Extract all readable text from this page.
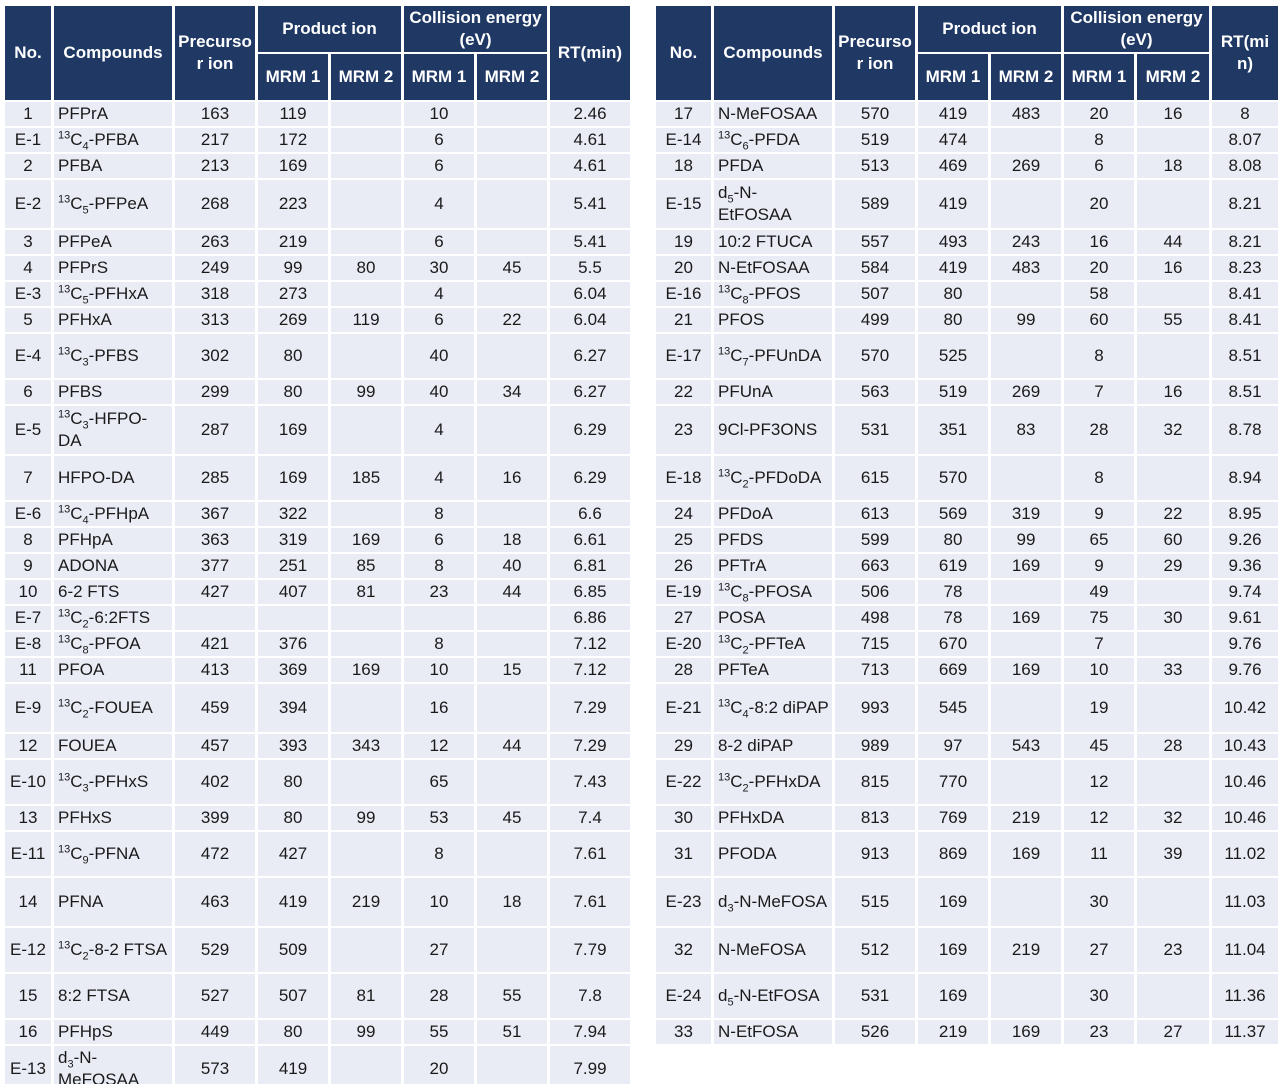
No.	Compounds	Precursor ion	Product ion		Collision energy(eV)		RT(min)
			MRM 1	MRM 2	MRM 1	MRM 2	
1	PFPrA	163	119		10		2.46
E-1	$^{13}C_4$-PFBA	217	172		6		4.61
2	PFBA	213	169		6		4.61
E-2	$^{13}C_5$-PFPeA	268	223		4		5.41
3	PFPeA	263	219		6		5.41
4	PFPrS	249	99	80	30	45	5.5
E-3	$^{13}C_5$-PFHxA	318	273		4		6.04
5	PFHxA	313	269	119	6	22	6.04
E-4	$^{13}C_3$-PFBS	302	80		40		6.27
6	PFBS	299	80	99	40	34	6.27
E-5	$^{13}C_3-HFPO-DA$	287	169		4		6.29
7	HFPO-DA	285	169	185	4	16	6.29
E-6	$^{13}C_4$-PFHpA	367	322		8		6.6
8	PFHpA	363	319	169	6	18	6.61
9	ADONA	377	251	85	8	40	6.81
10	6-2 FTS	427	407	81	23	44	6.85
E-7	$^{13}C_2-6:2FTS$						6.86
E-8	$^{13}C_8$-PFOA	421	376		8		7.12
11	PFOA	413	369	169	10	15	7.12
E-9	$^{13}C_2$-FOUEA	459	394		16		7.29
12	FOUEA	457	393	343	12	44	7.29
E-10	$^{13}C_3$-PFHxS	402	80		65		7.43
13	PFHxS	399	80	99	53	45	7.4
E-11	$^{13}C_9$-PFNA	472	427		8		7.61
14	PFNA	463	419	219	10	18	7.61
E-12	$^{13}C_2-8-2$ FTSA	529	509		27		7.79
15	8:2 FTSA	527	507	81	28	55	7.8
16	PFHpS	449	80	99	55	51	7.94
E-13	$d_3-N$-MeFOSAA	573	419		20		7.99
No.	Compounds	Precursor ion	Product ion		Collision energy(eV)		RT(min)
			MRM 1	MRM 2	MRM 1	MRM 2	
17	N-MeFOSAA	570	419	483	20	16	8
E-14	$^{13}C_6$-PFDA	519	474		8		8.07
18	PFDA	513	469	269	6	18	8.08
E-15	$d_5-N$-EtFOSAA	589	419		20		8.21
19	10:2 FTUCA	557	493	243	16	44	8.21
20	N-EtFOSAA	584	419	483	20	16	8.23
E-16	$^{13}C_8$-PFOS	507	80		58		8.41
21	PFOS	499	80	99	60	55	8.41
E-17	$^{13}C_7$-PFUnDA	570	525		8		8.51
22	PFUnA	563	519	269	7	16	8.51
23	9Cl-PF3ONS	531	351	83	28	32	8.78
E-18	$^{13}C_2$-PFDoDA	615	570		8		8.94
24	PFDoA	613	569	319	9	22	8.95
25	PFDS	599	80	99	65	60	9.26
26	PFTrA	663	619	169	9	29	9.36
E-19	$^{13}C_8$-PFOSA	506	78		49		9.74
27	POSA	498	78	169	75	30	9.61
E-20	$^{13}C_2$-PFTeA	715	670		7		9.76
28	PFTeA	713	669	169	10	33	9.76
E-21	$^{13}C_4-8:2$ diPAP	993	545		19		10.42
29	8-2 diPAP	989	97	543	45	28	10.43
E-22	$^{13}C_2$-PFHxDA	815	770		12		10.46
30	PFHxDA	813	769	219	12	32	10.46
31	PFODA	913	869	169	11	39	11.02
E-23	$d_3-N$-MeFOSA	515	169		30		11.03
32	N-MeFOSA	512	169	219	27	23	11.04
E-24	$d_5-N$-EtFOSA	531	169		30		11.36
33	N-EtFOSA	526	219	169	23	27	11.37
